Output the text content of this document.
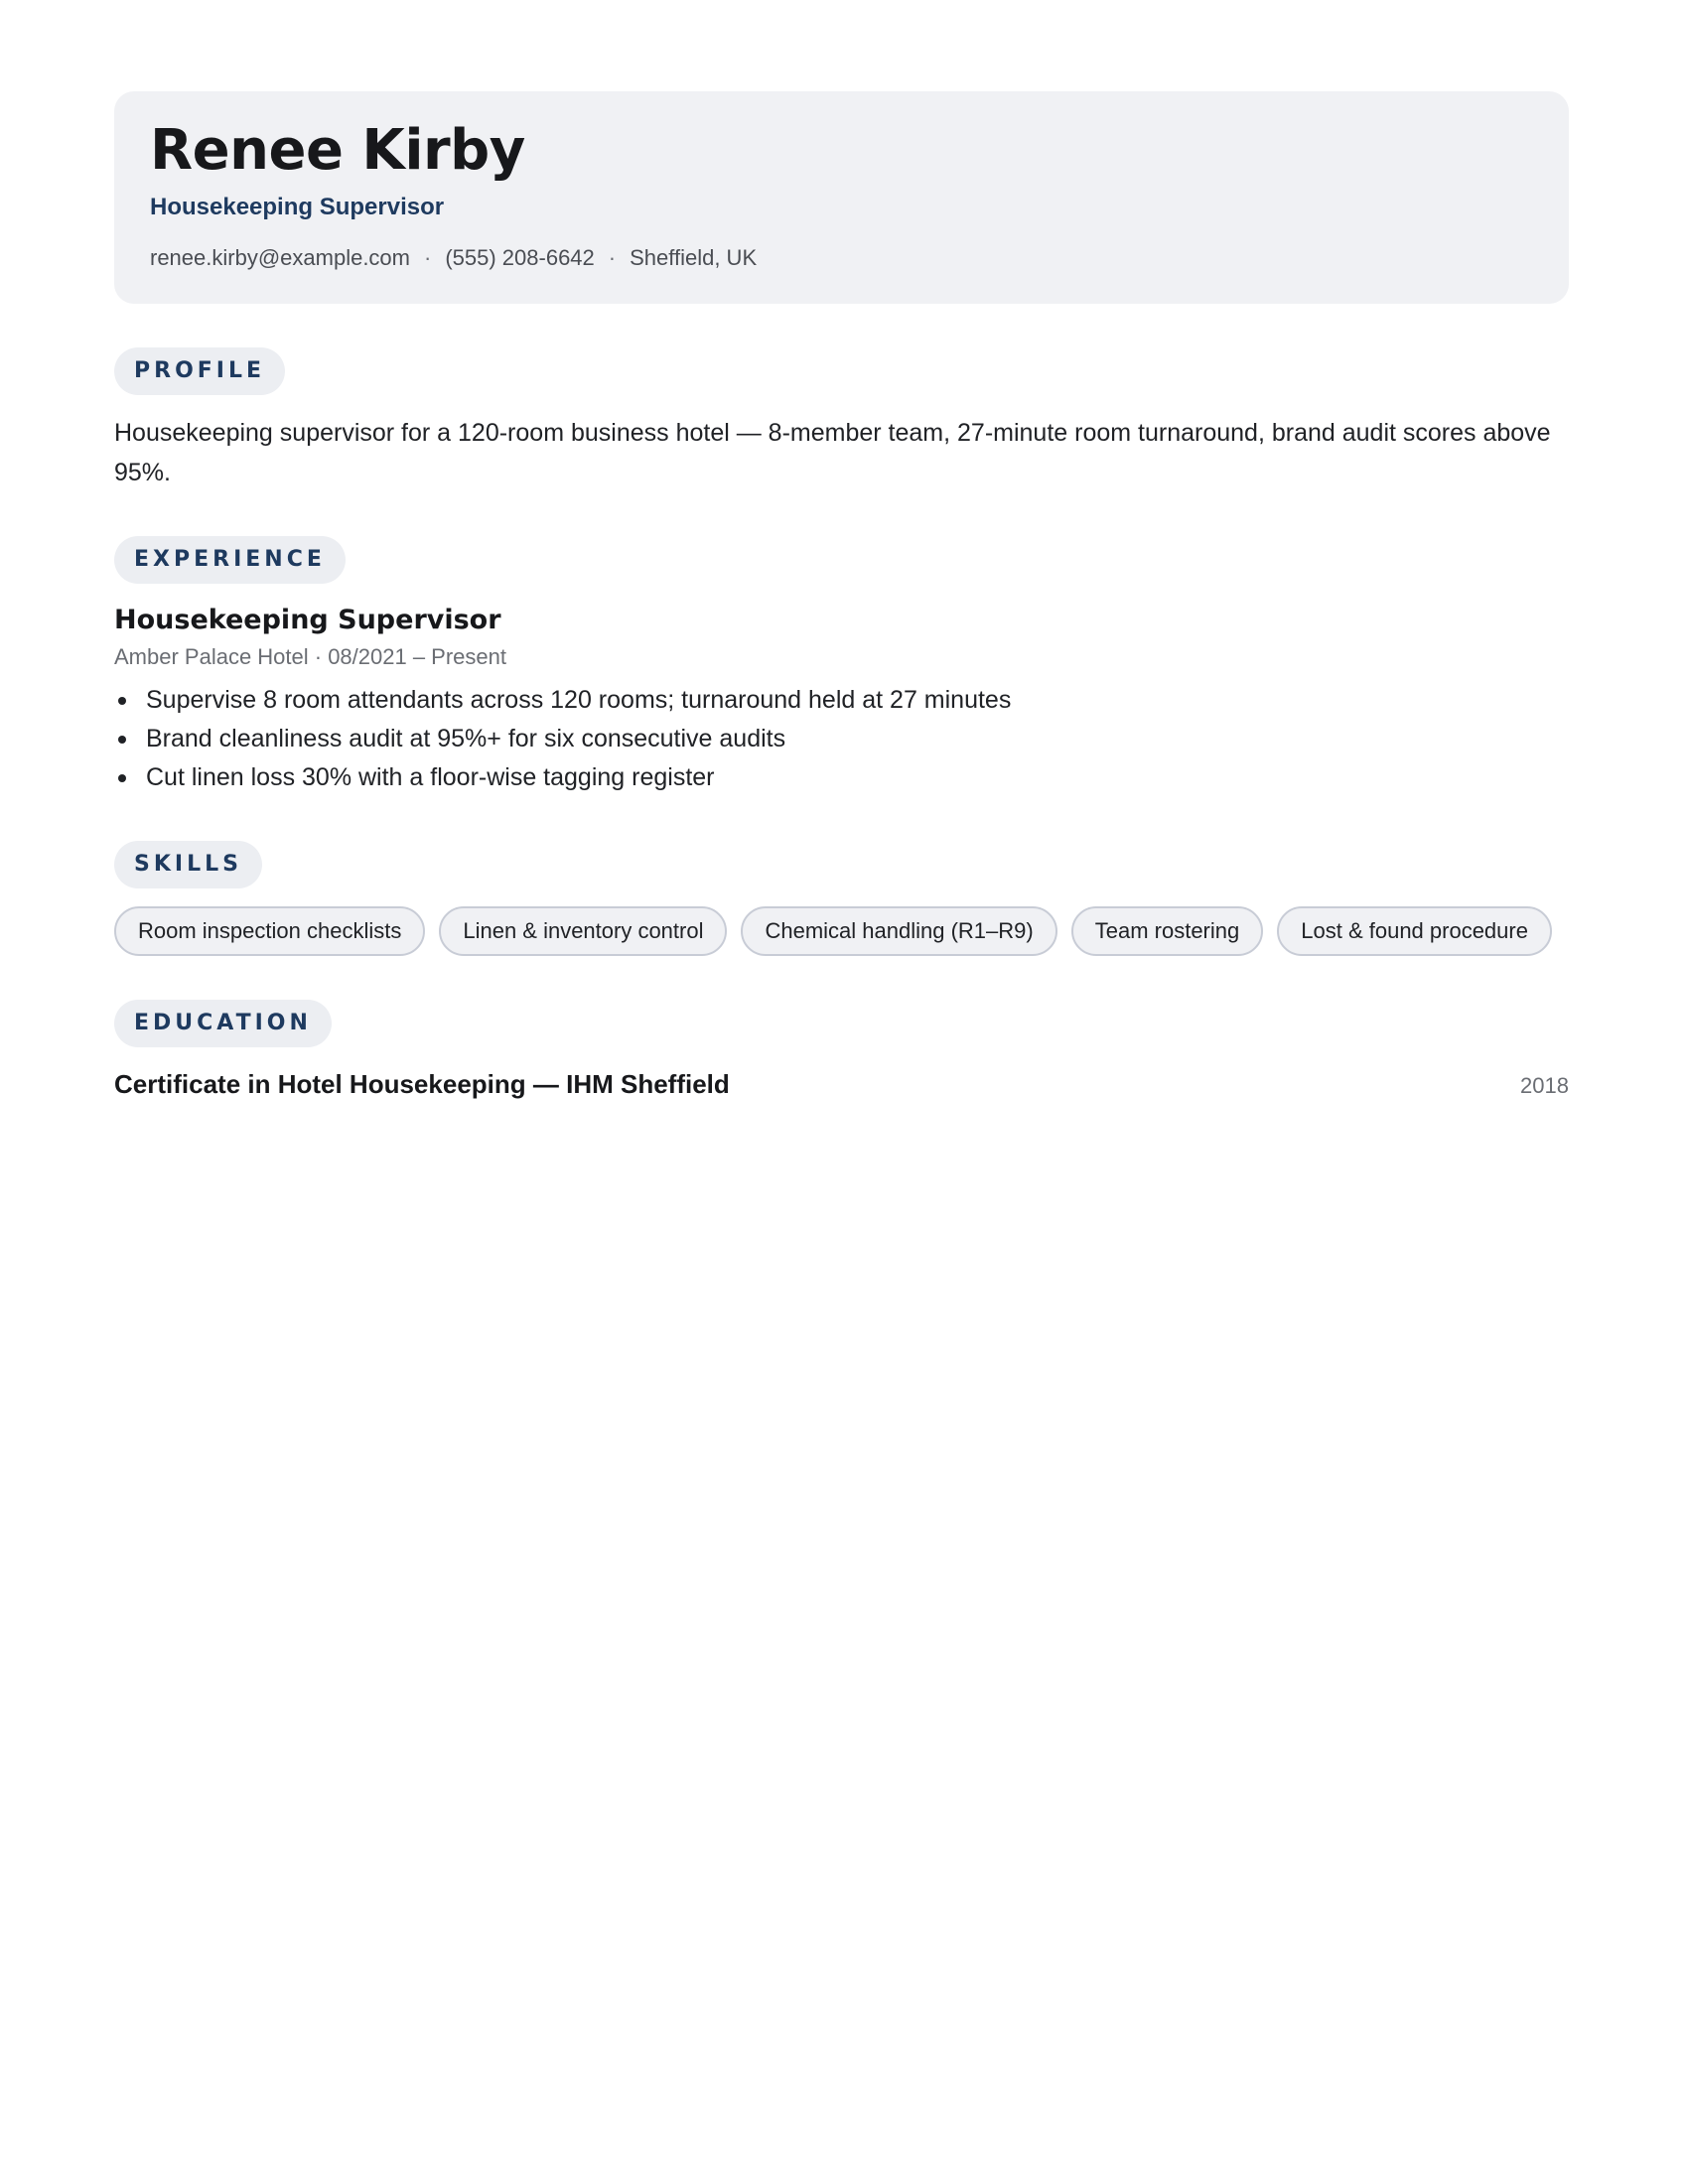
Renee Kirby
Housekeeping Supervisor
renee.kirby@example.com · (555) 208-6642 · Sheffield, UK
PROFILE
Housekeeping supervisor for a 120-room business hotel — 8-member team, 27-minute room turnaround, brand audit scores above 95%.
EXPERIENCE
Housekeeping Supervisor
Amber Palace Hotel · 08/2021 – Present
Supervise 8 room attendants across 120 rooms; turnaround held at 27 minutes
Brand cleanliness audit at 95%+ for six consecutive audits
Cut linen loss 30% with a floor-wise tagging register
SKILLS
Room inspection checklists	Linen & inventory control	Chemical handling (R1–R9)	Team rostering	Lost & found procedure
EDUCATION
Certificate in Hotel Housekeeping — IHM Sheffield	2018
